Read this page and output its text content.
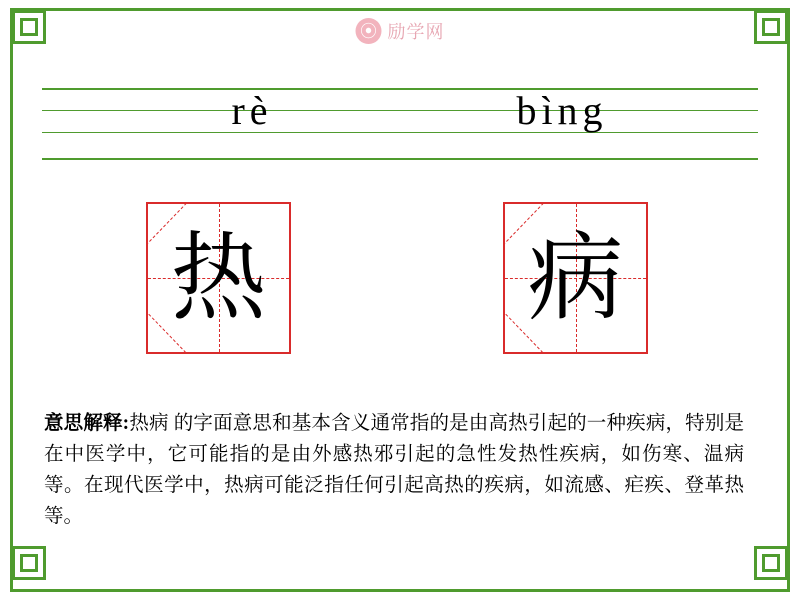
⦿ 励学网
rè	bìng
热	病
意思解释:热病 的字面意思和基本含义通常指的是由高热引起的一种疾病，特别是在中医学中，它可能指的是由外感热邪引起的急性发热性疾病，如伤寒、温病等。在现代医学中，热病可能泛指任何引起高热的疾病，如流感、疟疾、登革热等。
